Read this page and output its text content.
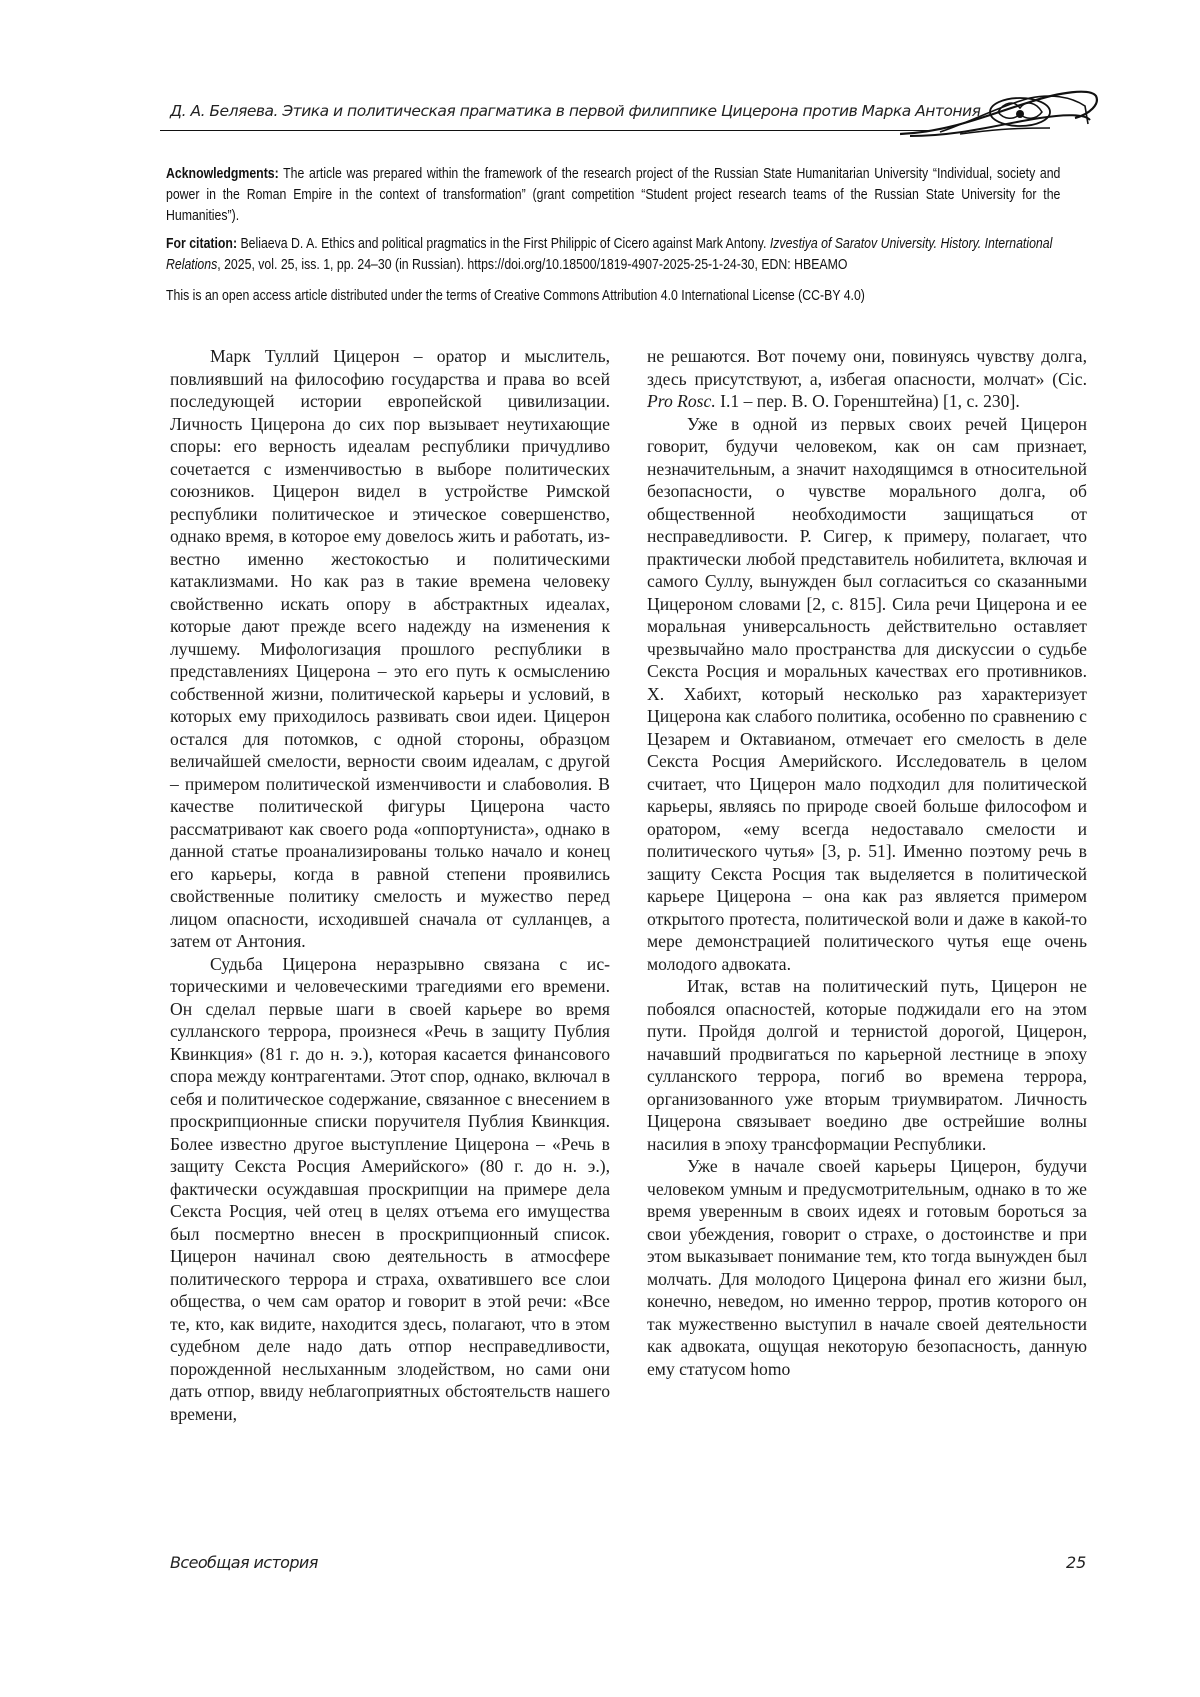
Д. А. Беляева. Этика и политическая прагматика в первой филиппике Цицерона против Марка Антония
Acknowledgments: The article was prepared within the framework of the research project of the Russian State Humanitarian University “Individual, society and power in the Roman Empire in the context of transformation” (grant competition “Student project research teams of the Russian State University for the Humanities”).
For citation: Beliaeva D. A. Ethics and political pragmatics in the First Philippic of Cicero against Mark Antony. Izvestiya of Saratov University. History. International Relations, 2025, vol. 25, iss. 1, pp. 24–30 (in Russian). https://doi.org/10.18500/1819-4907-2025-25-1-24-30, EDN: HBEAMO
This is an open access article distributed under the terms of Creative Commons Attribution 4.0 International License (CC-BY 4.0)

Марк Туллий Цицерон – оратор и мыслитель, повлиявший на философию государства и права во всей последующей истории европейской цивилизации. Личность Цицерона до сих пор вызывает неутихающие споры: его верность идеалам республики причудливо сочетается с изменчивостью в выборе политических союзников. Цицерон видел в устройстве Римской республики политическое и этическое совершенство, однако время, в которое ему довелось жить и работать, известно именно жестокостью и политическими катаклизмами. Но как раз в такие времена человеку свойственно искать опору в абстрактных идеалах, которые дают прежде всего надежду на изменения к лучшему. Мифологизация прошлого республики в представлениях Цицерона – это его путь к осмыслению собственной жизни, политической карьеры и условий, в которых ему приходилось развивать свои идеи. Цицерон остался для потомков, с одной стороны, образцом величайшей смелости, верности своим идеалам, с другой – примером политической изменчивости и слабоволия. В качестве политической фигуры Цицерона часто рассматривают как своего рода «оппортуниста», однако в данной статье проанализированы только начало и конец его карьеры, когда в равной степени проявились свойственные политику смелость и мужество перед лицом опасности, исходившей сначала от сулланцев, а затем от Антония.

Судьба Цицерона неразрывно связана с историческими и человеческими трагедиями его времени. Он сделал первые шаги в своей карьере во время сулланского террора, произнеся «Речь в защиту Публия Квинкция» (81 г. до н. э.), которая касается финансового спора между контрагентами. Этот спор, однако, включал в себя и политическое содержание, связанное с внесением в проскрипционные списки поручителя Публия Квинкция. Более известно другое выступление Цицерона – «Речь в защиту Секста Росция Америйского» (80 г. до н. э.), фактически осуждавшая проскрипции на примере дела Секста Росция, чей отец в целях отъема его имущества был посмертно внесен в проскрипционный список. Цицерон начинал свою деятельность в атмосфере политического террора и страха, охватившего все слои общества, о чем сам оратор и говорит в этой речи: «Все те, кто, как видите, находится здесь, полагают, что в этом судебном деле надо дать отпор несправедливости, порожденной неслыханным злодейством, но сами они дать отпор, ввиду неблагоприятных обстоятельств нашего времени,

не решаются. Вот почему они, повинуясь чувству долга, здесь присутствуют, а, избегая опасности, молчат» (Cic. Pro Rosc. I.1 – пер. В. О. Горенштейна) [1, с. 230].

Уже в одной из первых своих речей Цицерон говорит, будучи человеком, как он сам признает, незначительным, а значит находящимся в относительной безопасности, о чувстве морального долга, об общественной необходимости защищаться от несправедливости. Р. Сигер, к примеру, полагает, что практически любой представитель нобилитета, включая и самого Суллу, вынужден был согласиться со сказанными Цицероном словами [2, с. 815]. Сила речи Цицерона и ее моральная универсальность действительно оставляет чрезвычайно мало пространства для дискуссии о судьбе Секста Росция и моральных качествах его противников. Х. Хабихт, который несколько раз характеризует Цицерона как слабого политика, особенно по сравнению с Цезарем и Октавианом, отмечает его смелость в деле Секста Росция Америйского. Исследователь в целом считает, что Цицерон мало подходил для политической карьеры, являясь по природе своей больше философом и оратором, «ему всегда недоставало смелости и политического чутья» [3, p. 51]. Именно поэтому речь в защиту Секста Росция так выделяется в политической карьере Цицерона – она как раз является примером открытого протеста, политической воли и даже в какой-то мере демонстрацией политического чутья еще очень молодого адвоката.

Итак, встав на политический путь, Цицерон не побоялся опасностей, которые поджидали его на этом пути. Пройдя долгой и тернистой дорогой, Цицерон, начавший продвигаться по карьерной лестнице в эпоху сулланского террора, погиб во времена террора, организованного уже вторым триумвиратом. Личность Цицерона связывает воедино две острейшие волны насилия в эпоху трансформации Республики.

Уже в начале своей карьеры Цицерон, будучи человеком умным и предусмотрительным, однако в то же время уверенным в своих идеях и готовым бороться за свои убеждения, говорит о страхе, о достоинстве и при этом выказывает понимание тем, кто тогда вынужден был молчать. Для молодого Цицерона финал его жизни был, конечно, неведом, но именно террор, против которого он так мужественно выступил в начале своей деятельности как адвоката, ощущая некоторую безопасность, данную ему статусом homo

Всеобщая история	25
